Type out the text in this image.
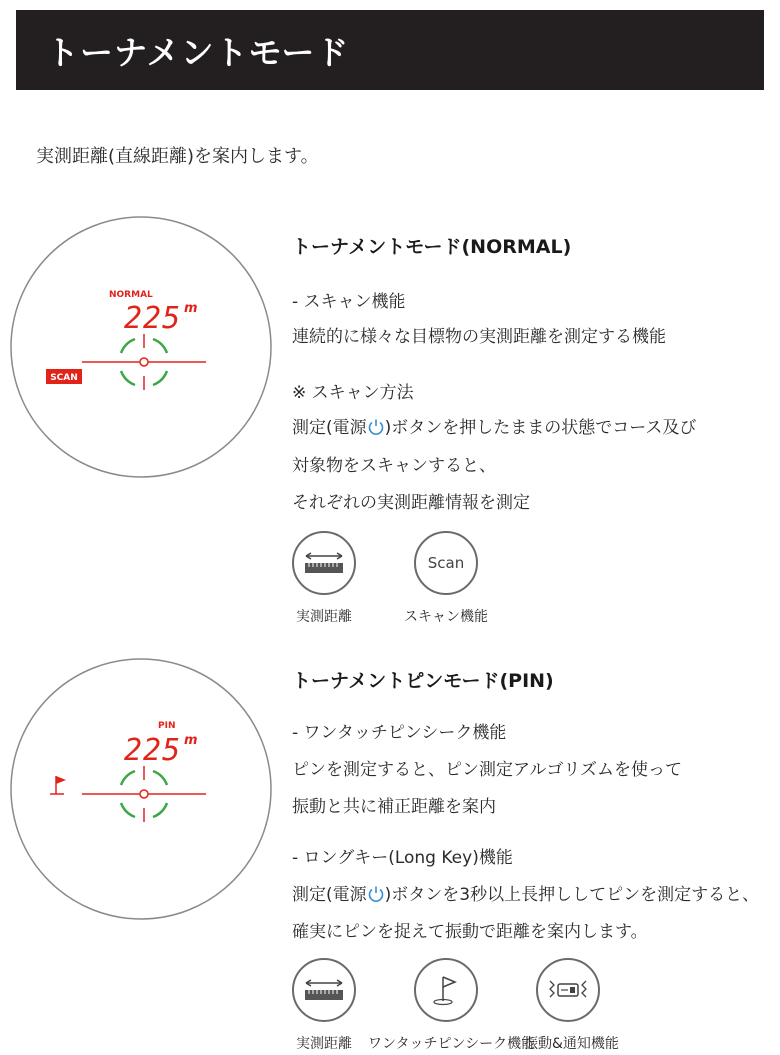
トーナメントモード
実測距離(直線距離)を案内します。
NORMAL
225 m
SCAN
トーナメントモード(NORMAL)
- スキャン機能
連続的に様々な目標物の実測距離を測定する機能
※ スキャン方法
測定(電源 )ボタンを押したままの状態でコース及び
対象物をスキャンすると、
それぞれの実測距離情報を測定
実測距離
Scan
スキャン機能
PIN
225 m
トーナメントピンモード(PIN)
- ワンタッチピンシーク機能
ピンを測定すると、ピン測定アルゴリズムを使って
振動と共に補正距離を案内
- ロングキー(Long Key)機能
測定(電源 )ボタンを3秒以上長押ししてピンを測定すると、
確実にピンを捉えて振動で距離を案内します。
実測距離 ワンタッチピンシーク機能
振動&通知機能
